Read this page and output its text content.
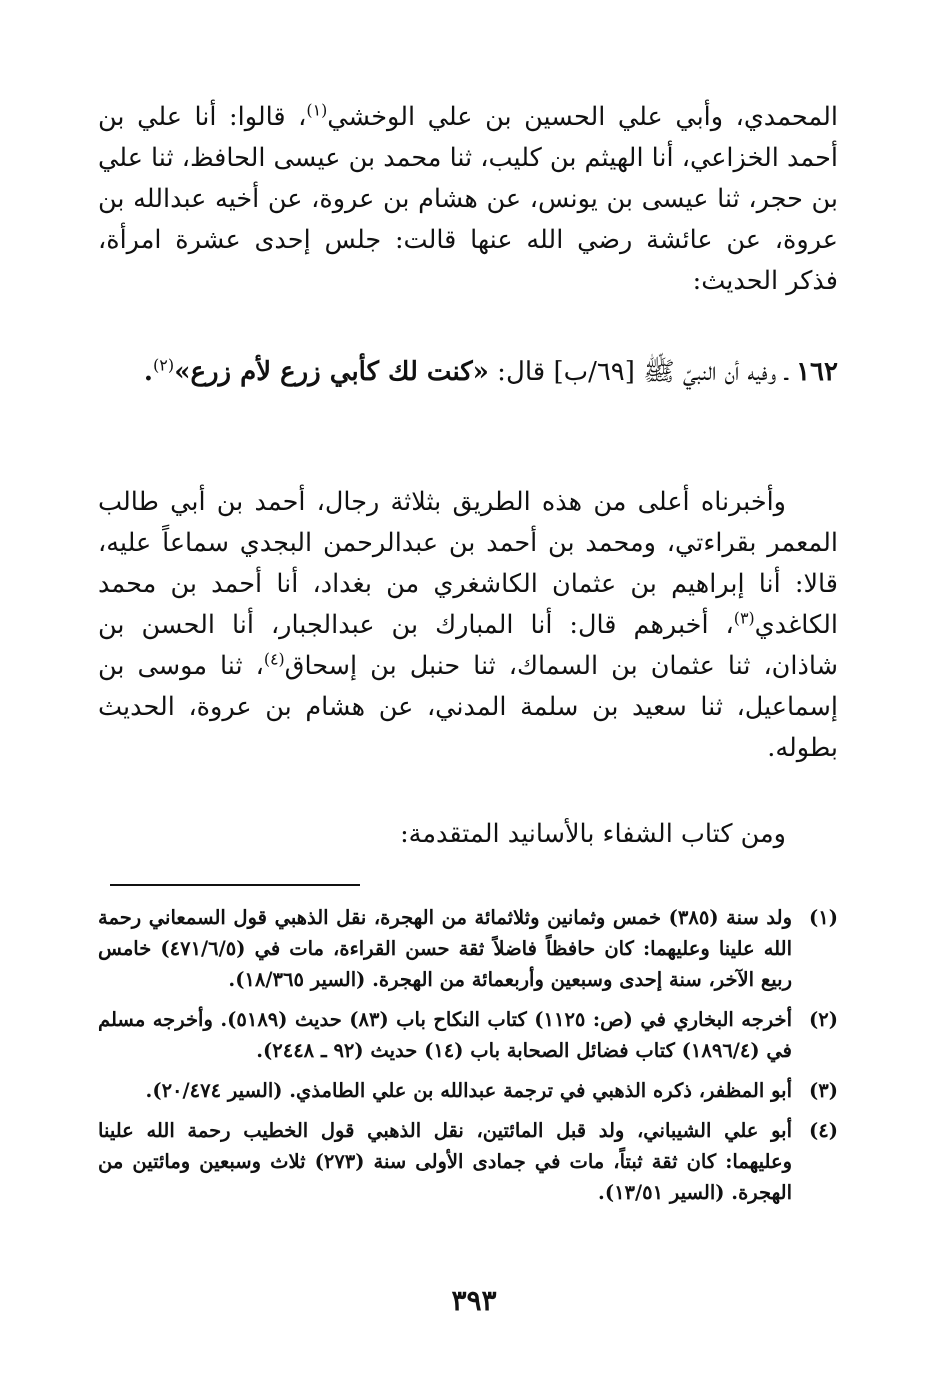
المحمدي، وأبي علي الحسين بن علي الوخشي$^{(١)}$، قالوا: أنا علي بن أحمد الخزاعي، أنا الهيثم بن كليب، ثنا محمد بن عيسى الحافظ، ثنا علي بن حجر، ثنا عيسى بن يونس، عن هشام بن عروة، عن أخيه عبدالله بن عروة، عن عائشة رضي الله عنها قالت: جلس إحدى عشرة امرأة، فذكر الحديث:

١٦٢ ـ وفيه أن النبيّ ﷺ [٦٩/ب] قال: «كنت لك كأبي زرع لأم زرع»$^{(٢)}$.

وأخبرناه أعلى من هذه الطريق بثلاثة رجال، أحمد بن أبي طالب المعمر بقراءتي، ومحمد بن أحمد بن عبدالرحمن البجدي سماعاً عليه، قالا: أنا إبراهيم بن عثمان الكاشغري من بغداد، أنا أحمد بن محمد الكاغدي$^{(٣)}$، أخبرهم قال: أنا المبارك بن عبدالجبار، أنا الحسن بن شاذان، ثنا عثمان بن السماك، ثنا حنبل بن إسحاق$^{(٤)}$، ثنا موسى بن إسماعيل، ثنا سعيد بن سلمة المدني، عن هشام بن عروة، الحديث بطوله.

ومن كتاب الشفاء بالأسانيد المتقدمة:

(١)
ولد سنة (٣٨٥) خمس وثمانين وثلاثمائة من الهجرة، نقل الذهبي قول السمعاني رحمة الله علينا وعليهما: كان حافظاً فاضلاً ثقة حسن القراءة، مات في (٤٧١/٦/٥) خامس ربيع الآخر، سنة إحدى وسبعين وأربعمائة من الهجرة. (السير ١٨/٣٦٥).
(٢)
أخرجه البخاري في (ص: ١١٢٥) كتاب النكاح باب (٨٣) حديث (٥١٨٩). وأخرجه مسلم في (١٨٩٦/٤) كتاب فضائل الصحابة باب (١٤) حديث (٩٢ ـ ٢٤٤٨).
(٣)
أبو المظفر، ذكره الذهبي في ترجمة عبدالله بن علي الطامذي. (السير ٢٠/٤٧٤).
(٤)
أبو علي الشيباني، ولد قبل المائتين، نقل الذهبي قول الخطيب رحمة الله علينا وعليهما: كان ثقة ثبتاً، مات في جمادى الأولى سنة (٢٧٣) ثلاث وسبعين ومائتين من الهجرة. (السير ١٣/٥١).
٣٩٣
